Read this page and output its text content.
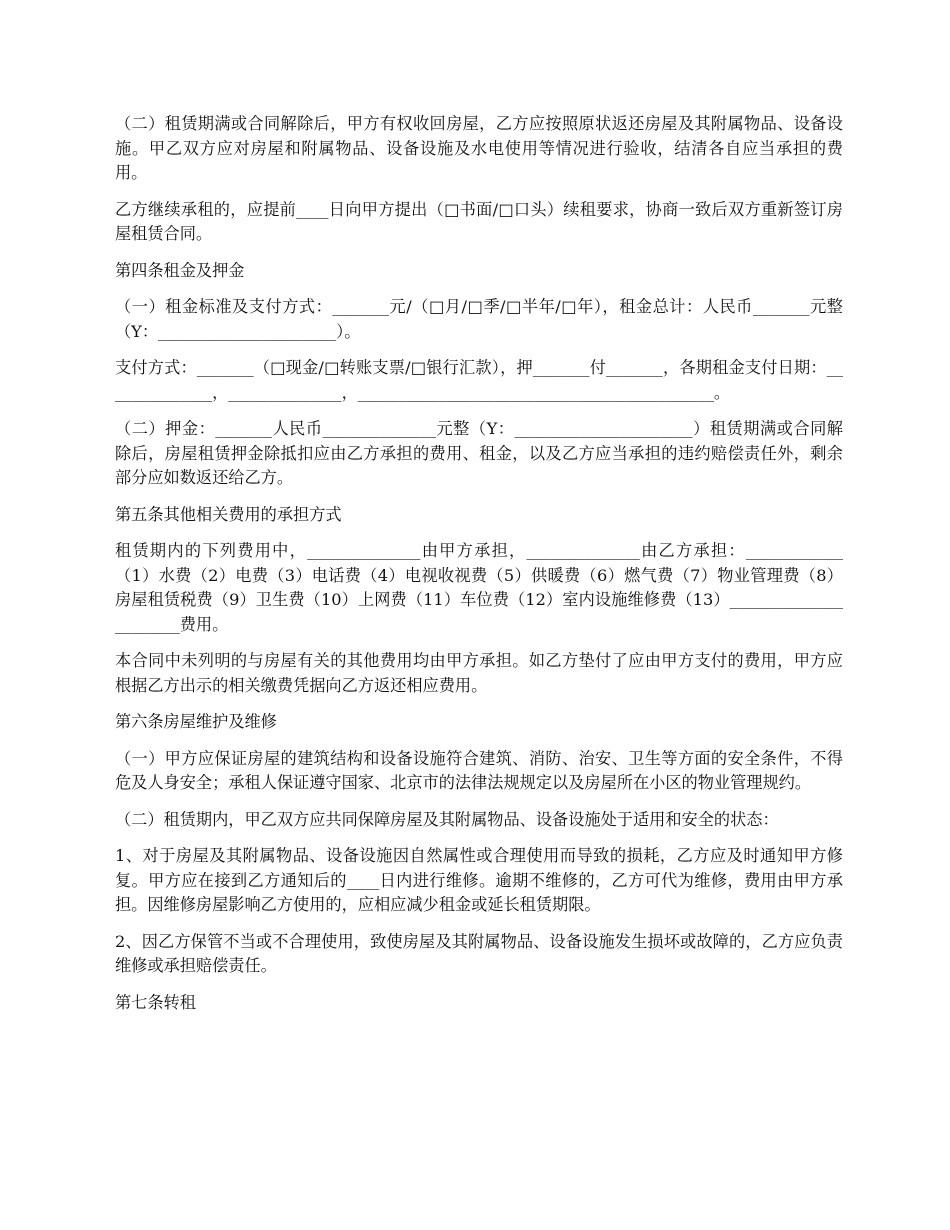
（二）租赁期满或合同解除后，甲方有权收回房屋，乙方应按照原状返还房屋及其附属物品、设备设施。甲乙双方应对房屋和附属物品、设备设施及水电使用等情况进行验收，结清各自应当承担的费用。

乙方继续承租的，应提前____日向甲方提出（□书面/□口头）续租要求，协商一致后双方重新签订房屋租赁合同。

第四条租金及押金

（一）租金标准及支付方式：_______元/（□月/□季/□半年/□年），租金总计：人民币_______元整（Y：______________________）。

支付方式：_______（□现金/□转账支票/□银行汇款），押_______付_______，各期租金支付日期：______________，______________，____________________________________________。

（二）押金：_______人民币______________元整（Y：______________________）租赁期满或合同解除后，房屋租赁押金除抵扣应由乙方承担的费用、租金，以及乙方应当承担的违约赔偿责任外，剩余部分应如数返还给乙方。

第五条其他相关费用的承担方式

租赁期内的下列费用中，______________由甲方承担，______________由乙方承担：____________（1）水费（2）电费（3）电话费（4）电视收视费（5）供暖费（6）燃气费（7）物业管理费（8）房屋租赁税费（9）卫生费（10）上网费（11）车位费（12）室内设施维修费（13）______________________费用。

本合同中未列明的与房屋有关的其他费用均由甲方承担。如乙方垫付了应由甲方支付的费用，甲方应根据乙方出示的相关缴费凭据向乙方返还相应费用。

第六条房屋维护及维修

（一）甲方应保证房屋的建筑结构和设备设施符合建筑、消防、治安、卫生等方面的安全条件，不得危及人身安全；承租人保证遵守国家、北京市的法律法规规定以及房屋所在小区的物业管理规约。

（二）租赁期内，甲乙双方应共同保障房屋及其附属物品、设备设施处于适用和安全的状态：

1、对于房屋及其附属物品、设备设施因自然属性或合理使用而导致的损耗，乙方应及时通知甲方修复。甲方应在接到乙方通知后的____日内进行维修。逾期不维修的，乙方可代为维修，费用由甲方承担。因维修房屋影响乙方使用的，应相应减少租金或延长租赁期限。

2、因乙方保管不当或不合理使用，致使房屋及其附属物品、设备设施发生损坏或故障的，乙方应负责维修或承担赔偿责任。

第七条转租
